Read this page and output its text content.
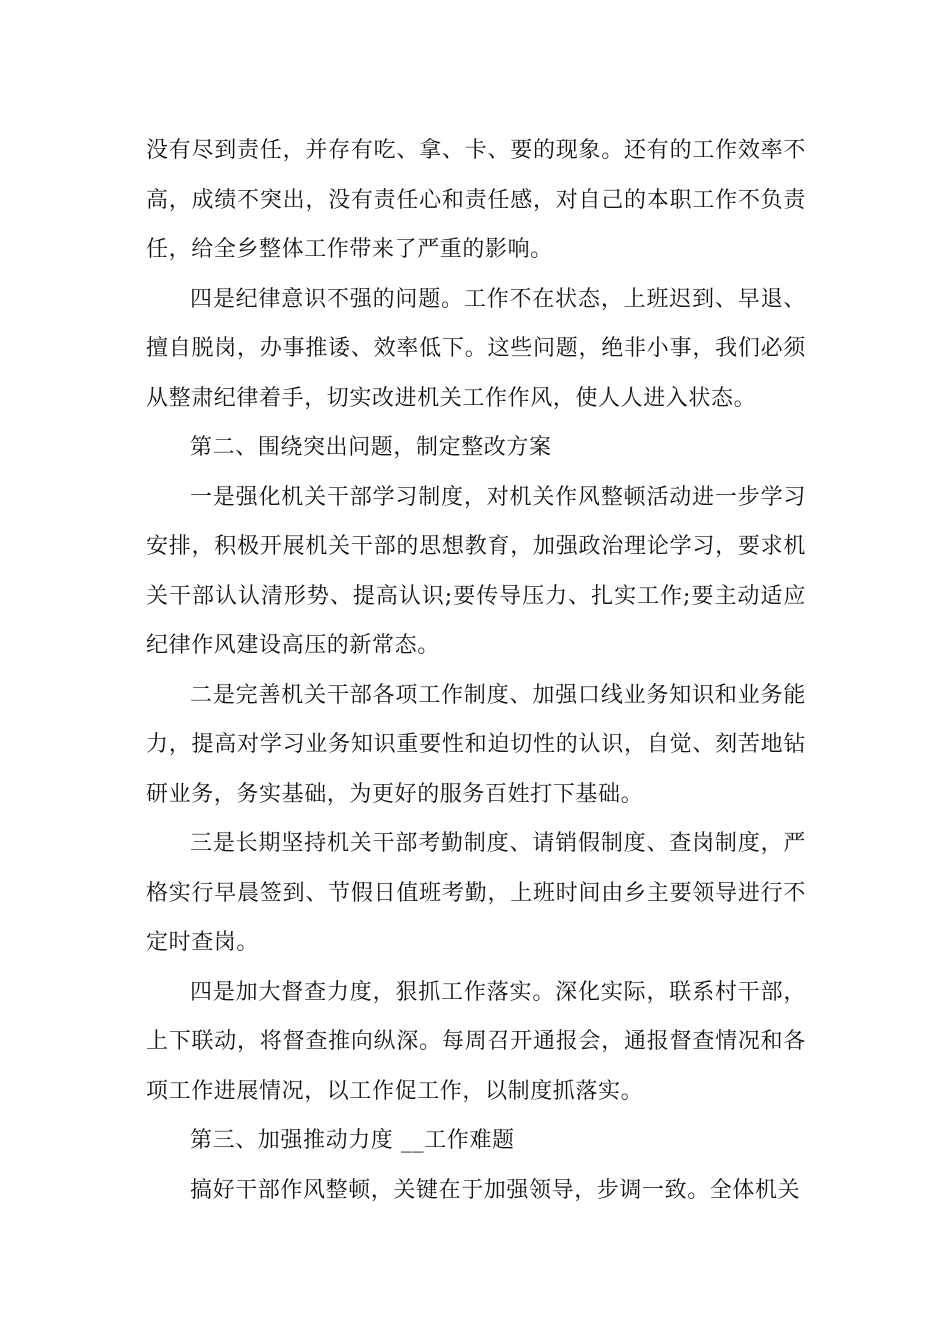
没有尽到责任，并存有吃、拿、卡、要的现象。还有的工作效率不高，成绩不突出，没有责任心和责任感，对自己的本职工作不负责任，给全乡整体工作带来了严重的影响。

四是纪律意识不强的问题。工作不在状态，上班迟到、早退、擅自脱岗，办事推诿、效率低下。这些问题，绝非小事，我们必须从整肃纪律着手，切实改进机关工作作风，使人人进入状态。

第二、围绕突出问题，制定整改方案

一是强化机关干部学习制度，对机关作风整顿活动进一步学习安排，积极开展机关干部的思想教育，加强政治理论学习，要求机关干部认认清形势、提高认识;要传导压力、扎实工作;要主动适应纪律作风建设高压的新常态。

二是完善机关干部各项工作制度、加强口线业务知识和业务能力，提高对学习业务知识重要性和迫切性的认识，自觉、刻苦地钻研业务，务实基础，为更好的服务百姓打下基础。

三是长期坚持机关干部考勤制度、请销假制度、查岗制度，严格实行早晨签到、节假日值班考勤，上班时间由乡主要领导进行不定时查岗。

四是加大督查力度，狠抓工作落实。深化实际，联系村干部，上下联动，将督查推向纵深。每周召开通报会，通报督查情况和各项工作进展情况，以工作促工作，以制度抓落实。

第三、加强推动力度 __工作难题

搞好干部作风整顿，关键在于加强领导，步调一致。全体机关
